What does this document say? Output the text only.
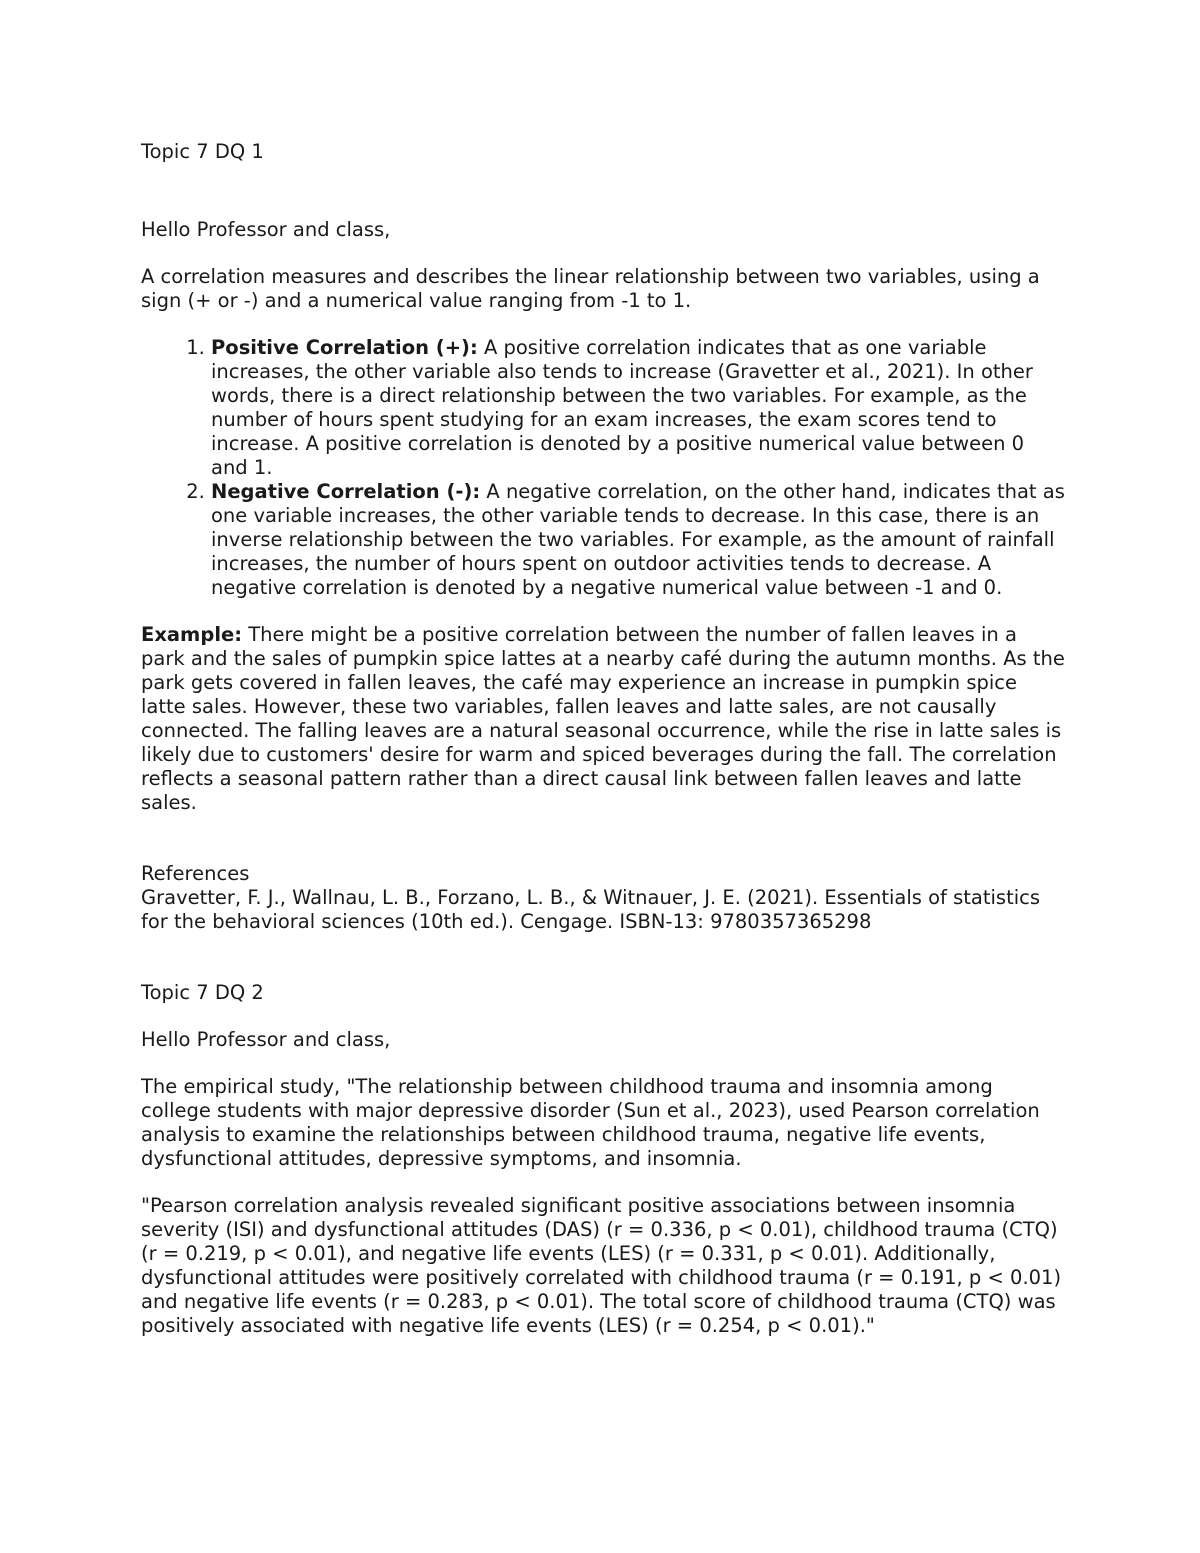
Topic 7 DQ 1

Hello Professor and class,

A correlation measures and describes the linear relationship between two variables, using a sign (+ or -) and a numerical value ranging from -1 to 1.

1. Positive Correlation (+): A positive correlation indicates that as one variable increases, the other variable also tends to increase (Gravetter et al., 2021). In other words, there is a direct relationship between the two variables. For example, as the number of hours spent studying for an exam increases, the exam scores tend to increase. A positive correlation is denoted by a positive numerical value between 0 and 1.
2. Negative Correlation (-): A negative correlation, on the other hand, indicates that as one variable increases, the other variable tends to decrease. In this case, there is an inverse relationship between the two variables. For example, as the amount of rainfall increases, the number of hours spent on outdoor activities tends to decrease. A negative correlation is denoted by a negative numerical value between -1 and 0.

Example: There might be a positive correlation between the number of fallen leaves in a park and the sales of pumpkin spice lattes at a nearby café during the autumn months. As the park gets covered in fallen leaves, the café may experience an increase in pumpkin spice latte sales. However, these two variables, fallen leaves and latte sales, are not causally connected. The falling leaves are a natural seasonal occurrence, while the rise in latte sales is likely due to customers' desire for warm and spiced beverages during the fall. The correlation reflects a seasonal pattern rather than a direct causal link between fallen leaves and latte sales.

References

Gravetter, F. J., Wallnau, L. B., Forzano, L. B., & Witnauer, J. E. (2021). Essentials of statistics for the behavioral sciences (10th ed.). Cengage. ISBN-13: 9780357365298

Topic 7 DQ 2

Hello Professor and class,

The empirical study, "The relationship between childhood trauma and insomnia among college students with major depressive disorder (Sun et al., 2023), used Pearson correlation analysis to examine the relationships between childhood trauma, negative life events, dysfunctional attitudes, depressive symptoms, and insomnia.

"Pearson correlation analysis revealed significant positive associations between insomnia severity (ISI) and dysfunctional attitudes (DAS) (r = 0.336, p < 0.01), childhood trauma (CTQ) (r = 0.219, p < 0.01), and negative life events (LES) (r = 0.331, p < 0.01). Additionally, dysfunctional attitudes were positively correlated with childhood trauma (r = 0.191, p < 0.01) and negative life events (r = 0.283, p < 0.01). The total score of childhood trauma (CTQ) was positively associated with negative life events (LES) (r = 0.254, p < 0.01)."
